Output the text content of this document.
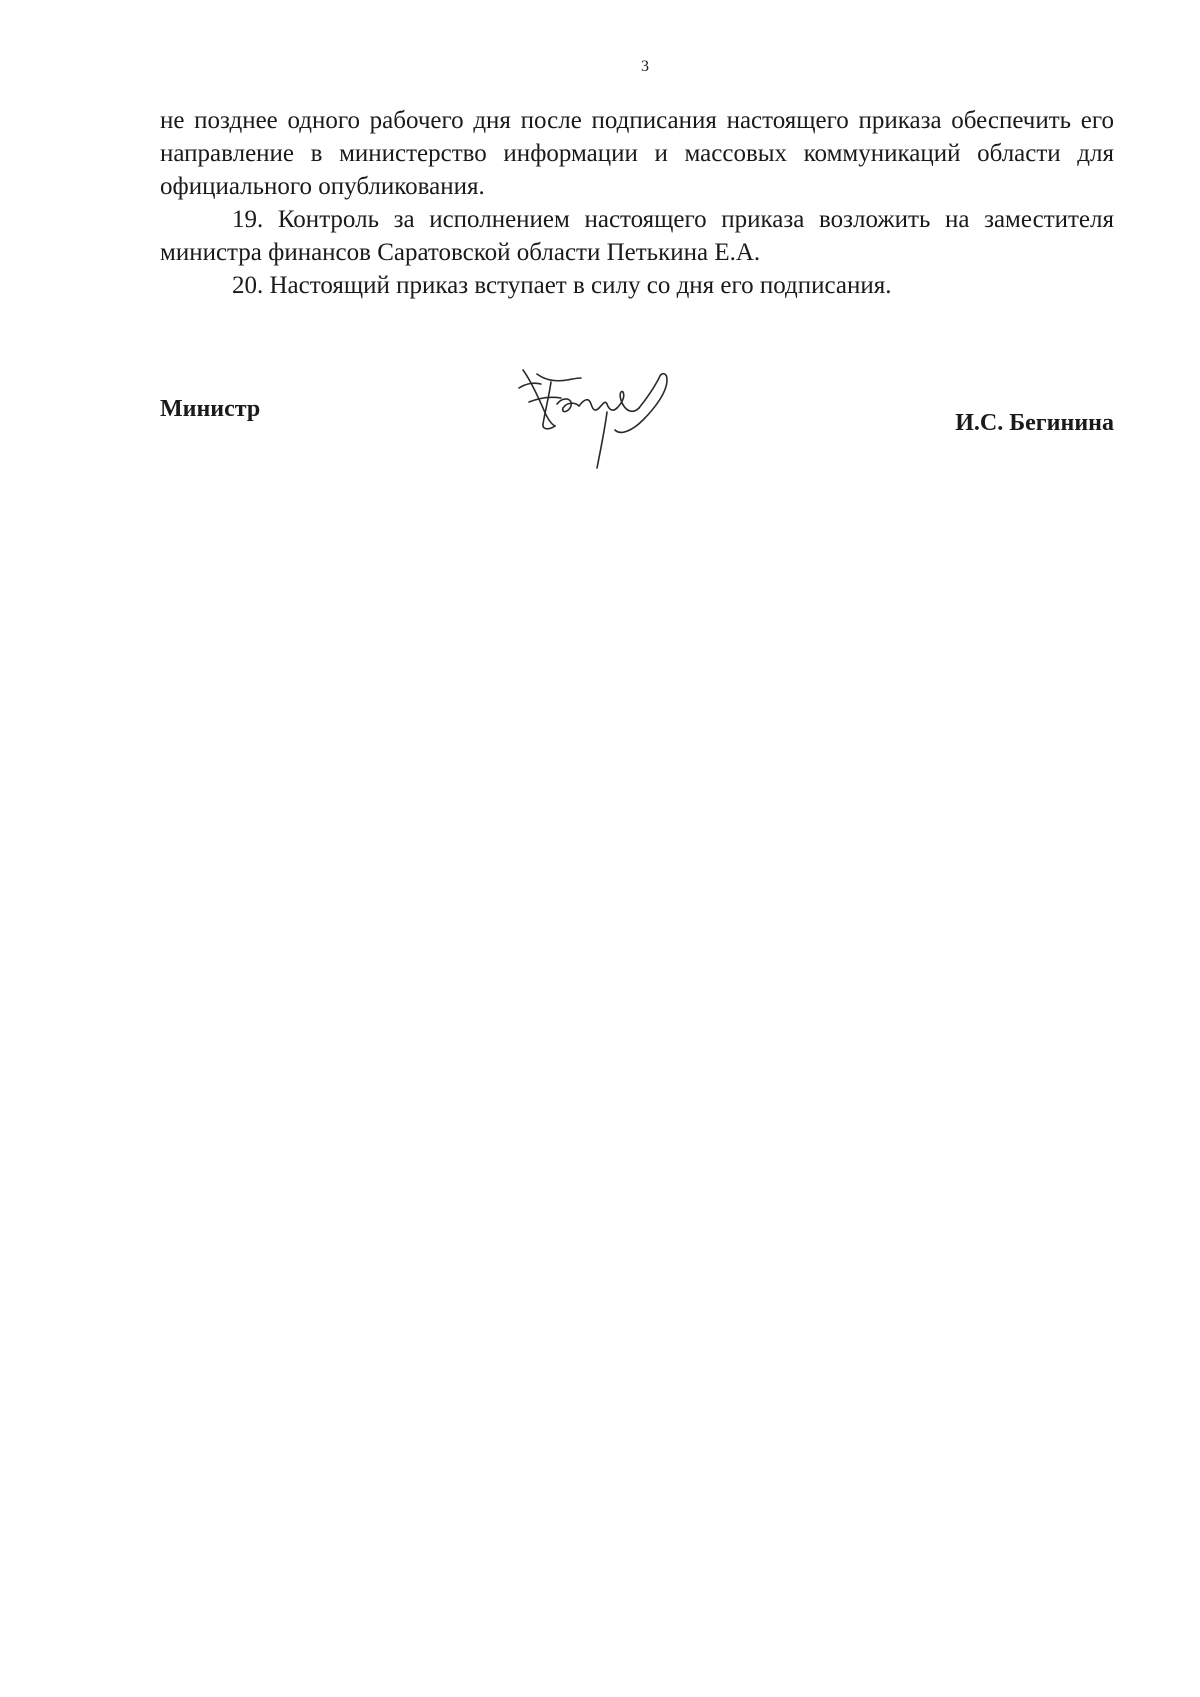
3

не позднее одного рабочего дня после подписания настоящего приказа обеспечить его направление в министерство информации и массовых коммуникаций области для официального опубликования.

19. Контроль за исполнением настоящего приказа возложить на заместителя министра финансов Саратовской области Петькина Е.А.

20. Настоящий приказ вступает в силу со дня его подписания.

Министр
И.С. Бегинина
